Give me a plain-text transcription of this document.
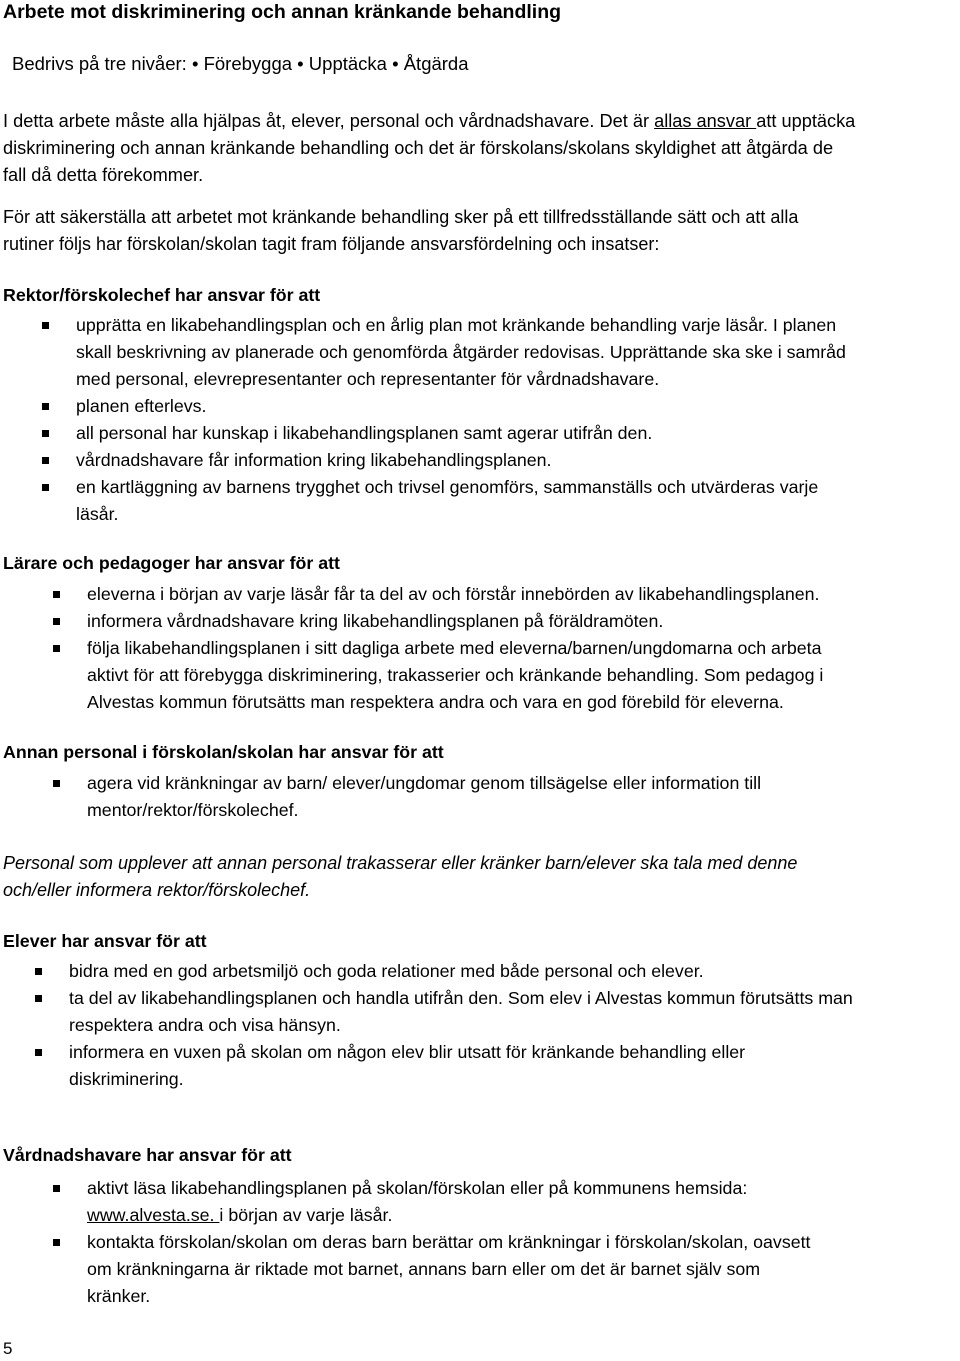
Arbete mot diskriminering och annan kränkande behandling
Bedrivs på tre nivåer: • Förebygga • Upptäcka • Åtgärda
I detta arbete måste alla hjälpas åt, elever, personal och vårdnadshavare. Det är allas ansvar att upptäcka
diskriminering och annan kränkande behandling och det är förskolans/skolans skyldighet att åtgärda de
fall då detta förekommer.
För att säkerställa att arbetet mot kränkande behandling sker på ett tillfredsställande sätt och att alla
rutiner följs har förskolan/skolan tagit fram följande ansvarsfördelning och insatser:
Rektor/förskolechef har ansvar för att
upprätta en likabehandlingsplan och en årlig plan mot kränkande behandling varje läsår. I planen
skall beskrivning av planerade och genomförda åtgärder redovisas. Upprättande ska ske i samråd
med personal, elevrepresentanter och representanter för vårdnadshavare.
planen efterlevs.
all personal har kunskap i likabehandlingsplanen samt agerar utifrån den.
vårdnadshavare får information kring likabehandlingsplanen.
en kartläggning av barnens trygghet och trivsel genomförs, sammanställs och utvärderas varje
läsår.
Lärare och pedagoger har ansvar för att
eleverna i början av varje läsår får ta del av och förstår innebörden av likabehandlingsplanen.
informera vårdnadshavare kring likabehandlingsplanen på föräldramöten.
följa likabehandlingsplanen i sitt dagliga arbete med eleverna/barnen/ungdomarna och arbeta
aktivt för att förebygga diskriminering, trakasserier och kränkande behandling. Som pedagog i
Alvestas kommun förutsätts man respektera andra och vara en god förebild för eleverna.
Annan personal i förskolan/skolan har ansvar för att
agera vid kränkningar av barn/ elever/ungdomar genom tillsägelse eller information till
mentor/rektor/förskolechef.
Personal som upplever att annan personal trakasserar eller kränker barn/elever ska tala med denne
och/eller informera rektor/förskolechef.
Elever har ansvar för att
bidra med en god arbetsmiljö och goda relationer med både personal och elever.
ta del av likabehandlingsplanen och handla utifrån den. Som elev i Alvestas kommun förutsätts man
respektera andra och visa hänsyn.
informera en vuxen på skolan om någon elev blir utsatt för kränkande behandling eller
diskriminering.
Vårdnadshavare har ansvar för att
aktivt läsa likabehandlingsplanen på skolan/förskolan eller på kommunens hemsida:
www.alvesta.se. i början av varje läsår.
kontakta förskolan/skolan om deras barn berättar om kränkningar i förskolan/skolan, oavsett
om kränkningarna är riktade mot barnet, annans barn eller om det är barnet själv som
kränker.
5
